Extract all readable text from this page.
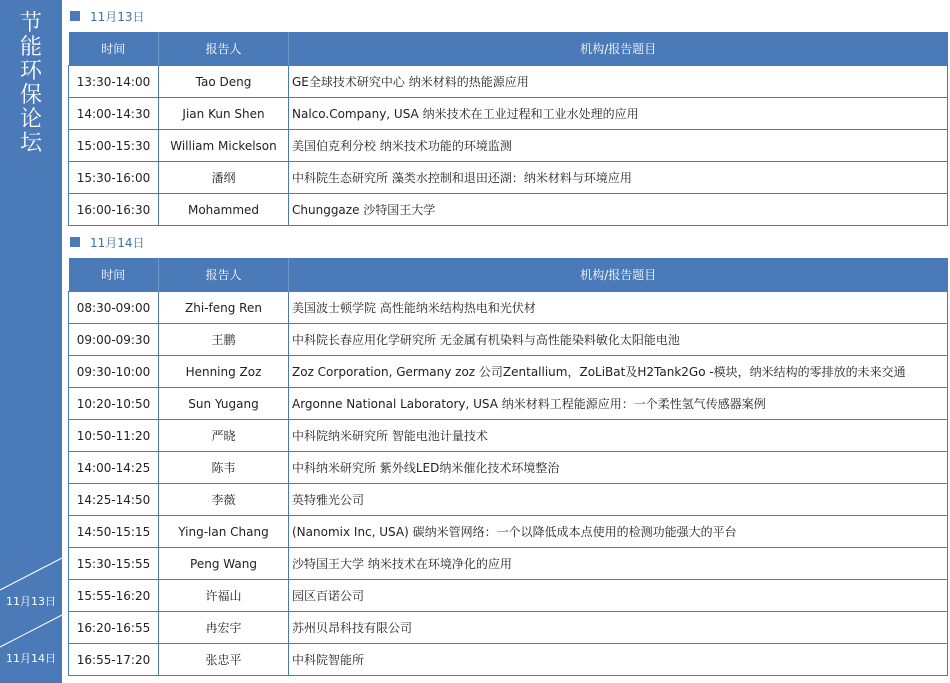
节
能
环
保
论
坛
11月13日
11月14日
11月13日
时间	报告人	机构/报告题目
13:30-14:00	Tao Deng	GE全球技术研究中心 纳米材料的热能源应用
14:00-14:30	Jian Kun Shen	Nalco.Company, USA 纳米技术在工业过程和工业水处理的应用
15:00-15:30	William Mickelson	美国伯克利分校 纳米技术功能的环境监测
15:30-16:00	潘纲	中科院生态研究所 藻类水控制和退田还湖：纳米材料与环境应用
16:00-16:30	Mohammed	Chunggaze 沙特国王大学
11月14日
时间	报告人	机构/报告题目
08:30-09:00	Zhi-feng Ren	美国波士顿学院 高性能纳米结构热电和光伏材
09:00-09:30	王鹏	中科院长春应用化学研究所 无金属有机染料与高性能染料敏化太阳能电池
09:30-10:00	Henning Zoz	Zoz Corporation, Germany zoz 公司Zentallium，ZoLiBat及H2Tank2Go -模块，纳米结构的零排放的未来交通
10:20-10:50	Sun Yugang	Argonne National Laboratory, USA 纳米材料工程能源应用：一个柔性氢气传感器案例
10:50-11:20	严晓	中科院纳米研究所 智能电池计量技术
14:00-14:25	陈韦	中科纳米研究所 紫外线LED纳米催化技术环境整治
14:25-14:50	李薇	英特雅光公司
14:50-15:15	Ying-lan Chang	(Nanomix Inc, USA) 碳纳米管网络：一个以降低成本点使用的检测功能强大的平台
15:30-15:55	Peng Wang	沙特国王大学 纳米技术在环境净化的应用
15:55-16:20	许福山	园区百诺公司
16:20-16:55	冉宏宇	苏州贝昂科技有限公司
16:55-17:20	张忠平	中科院智能所
